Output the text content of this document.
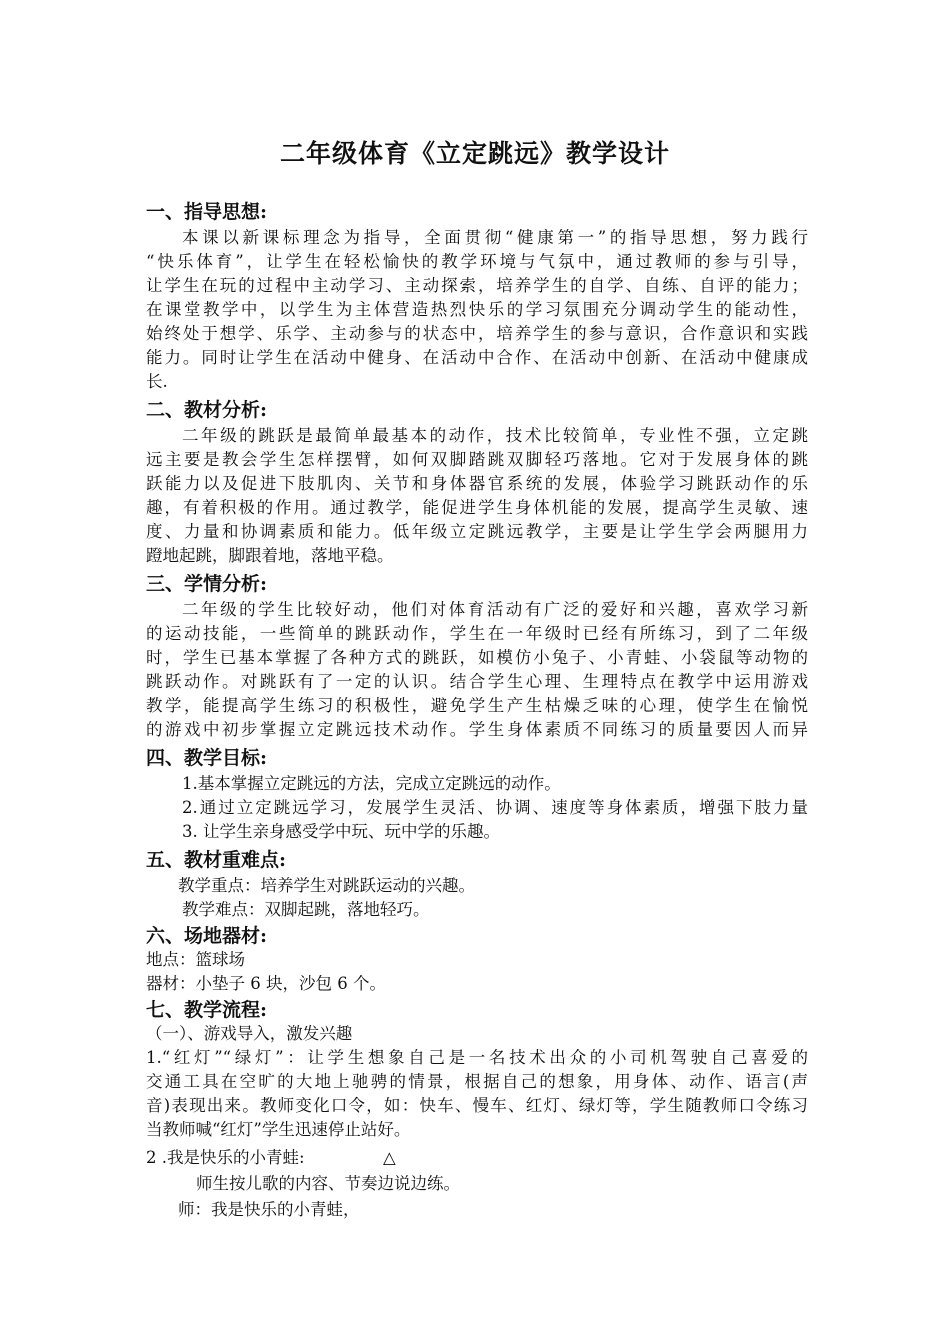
二年级体育《立定跳远》教学设计
一、指导思想:
本课以新课标理念为指导，全面贯彻“健康第一”的指导思想，努力践行
“快乐体育”，让学生在轻松愉快的教学环境与气氛中，通过教师的参与引导，
让学生在玩的过程中主动学习、主动探索，培养学生的自学、自练、自评的能力；
在课堂教学中，以学生为主体营造热烈快乐的学习氛围充分调动学生的能动性，
始终处于想学、乐学、主动参与的状态中，培养学生的参与意识，合作意识和实践
能力。同时让学生在活动中健身、在活动中合作、在活动中创新、在活动中健康成
长.
二、教材分析:
二年级的跳跃是最简单最基本的动作，技术比较简单，专业性不强，立定跳
远主要是教会学生怎样摆臂，如何双脚踏跳双脚轻巧落地。它对于发展身体的跳
跃能力以及促进下肢肌肉、关节和身体器官系统的发展，体验学习跳跃动作的乐
趣，有着积极的作用。通过教学，能促进学生身体机能的发展，提高学生灵敏、速
度、力量和协调素质和能力。低年级立定跳远教学，主要是让学生学会两腿用力
蹬地起跳，脚跟着地，落地平稳。
三、学情分析:
二年级的学生比较好动，他们对体育活动有广泛的爱好和兴趣，喜欢学习新
的运动技能，一些简单的跳跃动作，学生在一年级时已经有所练习，到了二年级
时，学生已基本掌握了各种方式的跳跃，如模仿小兔子、小青蛙、小袋鼠等动物的
跳跃动作。对跳跃有了一定的认识。结合学生心理、生理特点在教学中运用游戏
教学，能提高学生练习的积极性，避免学生产生枯燥乏味的心理，使学生在愉悦
的游戏中初步掌握立定跳远技术动作。学生身体素质不同练习的质量要因人而异
四、教学目标:
1.基本掌握立定跳远的方法，完成立定跳远的动作。
2.通过立定跳远学习，发展学生灵活、协调、速度等身体素质，增强下肢力量
3. 让学生亲身感受学中玩、玩中学的乐趣。
五、教材重难点:
教学重点：培养学生对跳跃运动的兴趣。
教学难点：双脚起跳，落地轻巧。
六、场地器材:
地点：篮球场
器材：小垫子 6 块，沙包 6 个。
七、教学流程:
（一）、游戏导入，激发兴趣
1.“红灯”“绿灯”：让学生想象自己是一名技术出众的小司机驾驶自己喜爱的
交通工具在空旷的大地上驰骋的情景，根据自己的想象，用身体、动作、语言(声
音)表现出来。教师变化口令，如：快车、慢车、红灯、绿灯等，学生随教师口令练习
当教师喊“红灯”学生迅速停止站好。
2 .我是快乐的小青蛙:	△
师生按儿歌的内容、节奏边说边练。
师：我是快乐的小青蛙，
